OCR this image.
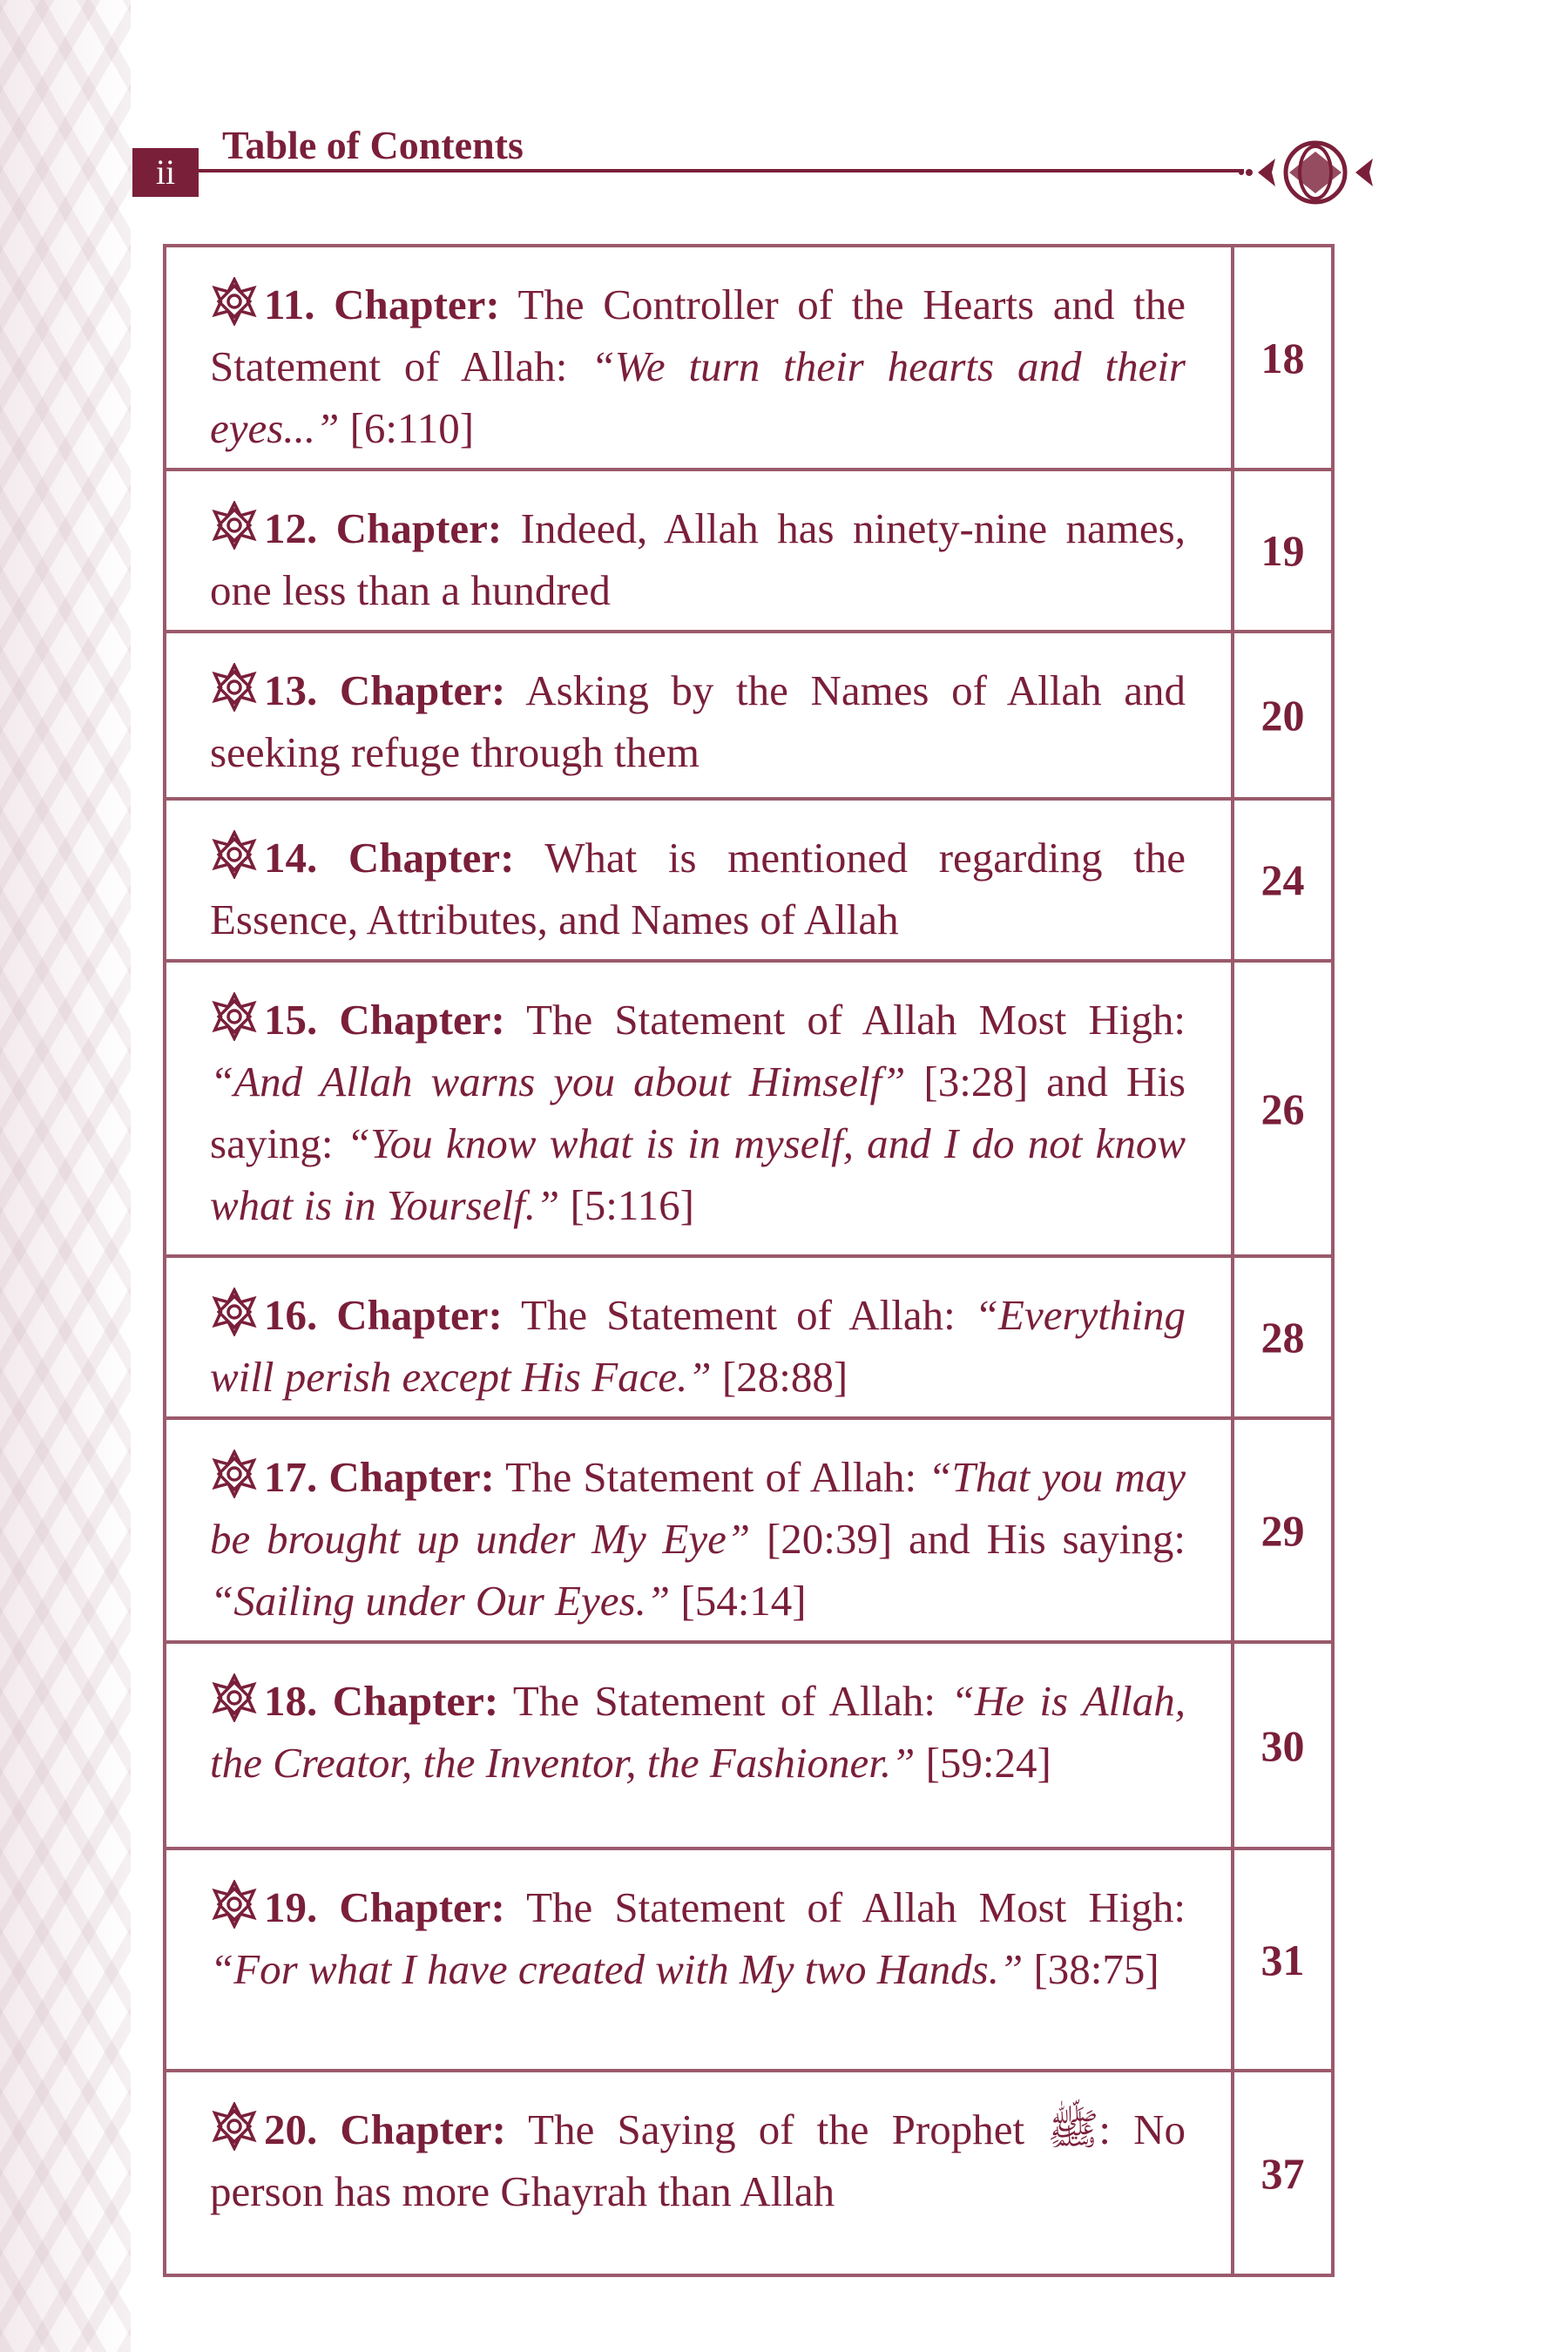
ii
Table of Contents
11. Chapter: The Controller of the Hearts and the Statement of Allah: “We turn their hearts and their eyes...” [6:110]	18
12. Chapter: Indeed, Allah has ninety-nine names, one less than a hundred	19
13. Chapter: Asking by the Names of Allah and seeking refuge through them	20
14. Chapter: What is mentioned regarding the Essence, Attributes, and Names of Allah	24
15. Chapter: The Statement of Allah Most High: “And Allah warns you about Himself” [3:28] and His saying: “You know what is in myself, and I do not know what is in Yourself.” [5:116]	26
16. Chapter: The Statement of Allah: “Everything will perish except His Face.” [28:88]	28
17. Chapter: The Statement of Allah: “That you may be brought up under My Eye” [20:39] and His saying: “Sailing under Our Eyes.” [54:14]	29
18. Chapter: The Statement of Allah: “He is Allah, the Creator, the Inventor, the Fashioner.” [59:24]	30
19. Chapter: The Statement of Allah Most High: “For what I have created with My two Hands.” [38:75]	31
20. Chapter: The Saying of the Prophet ﷺ: No person has more Ghayrah than Allah	37
